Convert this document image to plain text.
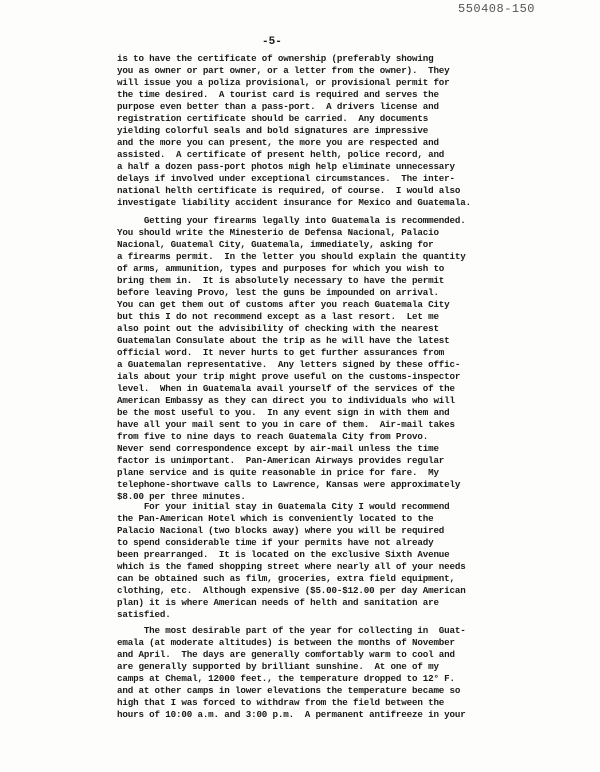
550408-150
-5-
is to have the certificate of ownership (preferably showing
you as owner or part owner, or a letter from the owner).  They
will issue you a poliza provisional, or provisional permit for
the time desired.  A tourist card is required and serves the
purpose even better than a pass-port.  A drivers license and
registration certificate should be carried.  Any documents
yielding colorful seals and bold signatures are impressive
and the more you can present, the more you are respected and
assisted.  A certificate of present helth, police record, and
a half a dozen pass-port photos migh help eliminate unnecessary
delays if involved under exceptional circumstances.  The inter-
national helth certificate is required, of course.  I would also
investigate liability accident insurance for Mexico and Guatemala.
Getting your firearms legally into Guatemala is recommended.
You should write the Minesterio de Defensa Nacional, Palacio
Nacional, Guatemal City, Guatemala, immediately, asking for
a firearms permit.  In the letter you should explain the quantity
of arms, ammunition, types and purposes for which you wish to
bring them in.  It is absolutely necessary to have the permit
before leaving Provo, lest the guns be impounded on arrival.
You can get them out of customs after you reach Guatemala City
but this I do not recommend except as a last resort.  Let me
also point out the advisibility of checking with the nearest
Guatemalan Consulate about the trip as he will have the latest
official word.  It never hurts to get further assurances from
a Guatemalan representative.  Any letters signed by these offic-
ials about your trip might prove useful on the customs-inspector
level.  When in Guatemala avail yourself of the services of the
American Embassy as they can direct you to individuals who will
be the most useful to you.  In any event sign in with them and
have all your mail sent to you in care of them.  Air-mail takes
from five to nine days to reach Guatemala City from Provo.
Never send correspondence except by air-mail unless the time
factor is unimportant.  Pan-American Airways provides regular
plane service and is quite reasonable in price for fare.  My
telephone-shortwave calls to Lawrence, Kansas were approximately
$8.00 per three minutes.
For your initial stay in Guatemala City I would recommend
the Pan-American Hotel which is conveniently located to the
Palacio Nacional (two blocks away) where you will be required
to spend considerable time if your permits have not already
been prearranged.  It is located on the exclusive Sixth Avenue
which is the famed shopping street where nearly all of your needs
can be obtained such as film, groceries, extra field equipment,
clothing, etc.  Although expensive ($5.00-$12.00 per day American
plan) it is where American needs of helth and sanitation are
satisfied.
The most desirable part of the year for collecting in  Guat-
emala (at moderate altitudes) is between the months of November
and April.  The days are generally comfortably warm to cool and
are generally supported by brilliant sunshine.  At one of my
camps at Chemal, 12000 feet., the temperature dropped to 12° F.
and at other camps in lower elevations the temperature became so
high that I was forced to withdraw from the field between the
hours of 10:00 a.m. and 3:00 p.m.  A permanent antifreeze in your
